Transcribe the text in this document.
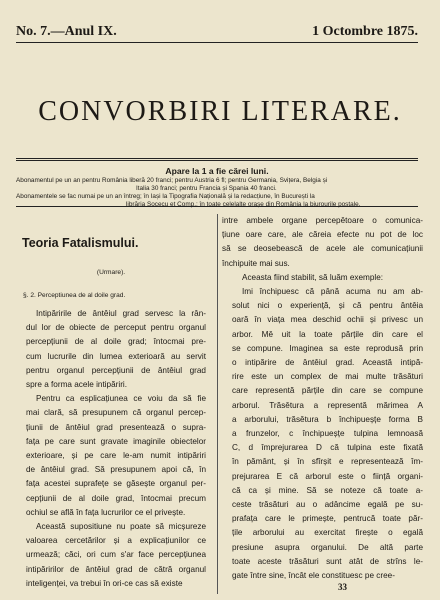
No. 7.—Anul IX.	1 Octombre 1875.
CONVORBIRI LITERARE.
Apare la 1 a fie cărei luni.

Abonamentul pe un an pentru România liberă 20 franci; pentru Austria 6 fl; pentru Germania, Svițera, Belgia și

Italia 30 franci; pentru Francia și Spania 40 franci.

Abonamentele se fac numai pe un an întreg; în Iași la Tipografia Națională și la redacțiune, în București la

librăria Socecu et Comp.; în toate celelalte orașe din România la biurourile postale.

Teoria Fatalismului.
(Urmare).
§. 2. Perceptiunea de al doile grad.

Intipăririle de ântêiul grad servesc la rân-
dul lor de obiecte de perceput pentru organul
percepțiunii de al doile grad; întocmai pre-
cum lucrurile din lumea exterioară au servit
pentru organul percepțiunii de ântêiul grad
spre a forma acele intipăriri.

Pentru ca esplicațiunea ce voiu da să fie
mai clară, să presupunem că organul percep-
țiunii de ântêiul grad presentează o supra-
fața pe care sunt gravate imaginile obiectelor
exterioare, și pe care le-am numit intipăriri
de ântêiul grad. Să presupunem apoi că, în
fața acestei suprafețe se găsește organul per-
cepțiunii de al doile grad, întocmai precum
ochiul se află în fața lucrurilor ce el privește.

Această supositiune nu poate să micșureze
valoarea cercetărilor și a explicațiunilor ce
urmează; căci, ori cum s'ar face percepțiunea
intipăririlor de ântêiul grad de cătră organul
inteligenței, va trebui în ori-ce cas să existe

intre ambele organe percepětoare o comunica-
țiune oare care, ale căreia efecte nu pot de loc
să se deosebească de acele ale comunicațiunii
închipuite mai sus.

Aceasta fiind stabilit, să luăm exemple:

Imi închipuesc că până acuma nu am ab-
solut nici o experiență, și că pentru ântêia
oară în viața mea deschid ochii și privesc un
arbor. Mě uit la toate părțile din care el
se compune. Imaginea sa este reprodusă prin
o intipărire de ântêiul grad. Această intipă-
rire este un complex de mai multe trăsături
care representă părțile din care se compune
arborul. Trăsětura a representă mărimea A
a arborului, trăsětura b închipueșțe forma B
a frunzelor, c închipueșțe tulpina lemnoasă
C, d împrejurarea D că tulpina este fixată
în pământ, și în sfîrșit e representează îm-
prejurarea E că arborul este o ființă organi-
că ca și mine. Să se noteze că toate a-
ceste trăsături au o adâncime egală pe su-
prafața care le primește, pentrucă toate păr-
țile arborului au exercitat firește o egală
presiune asupra organului. De altă parte
toate aceste trăsături sunt atât de strîns le-
gate între sine, încât ele constituesc pe cree-

33
